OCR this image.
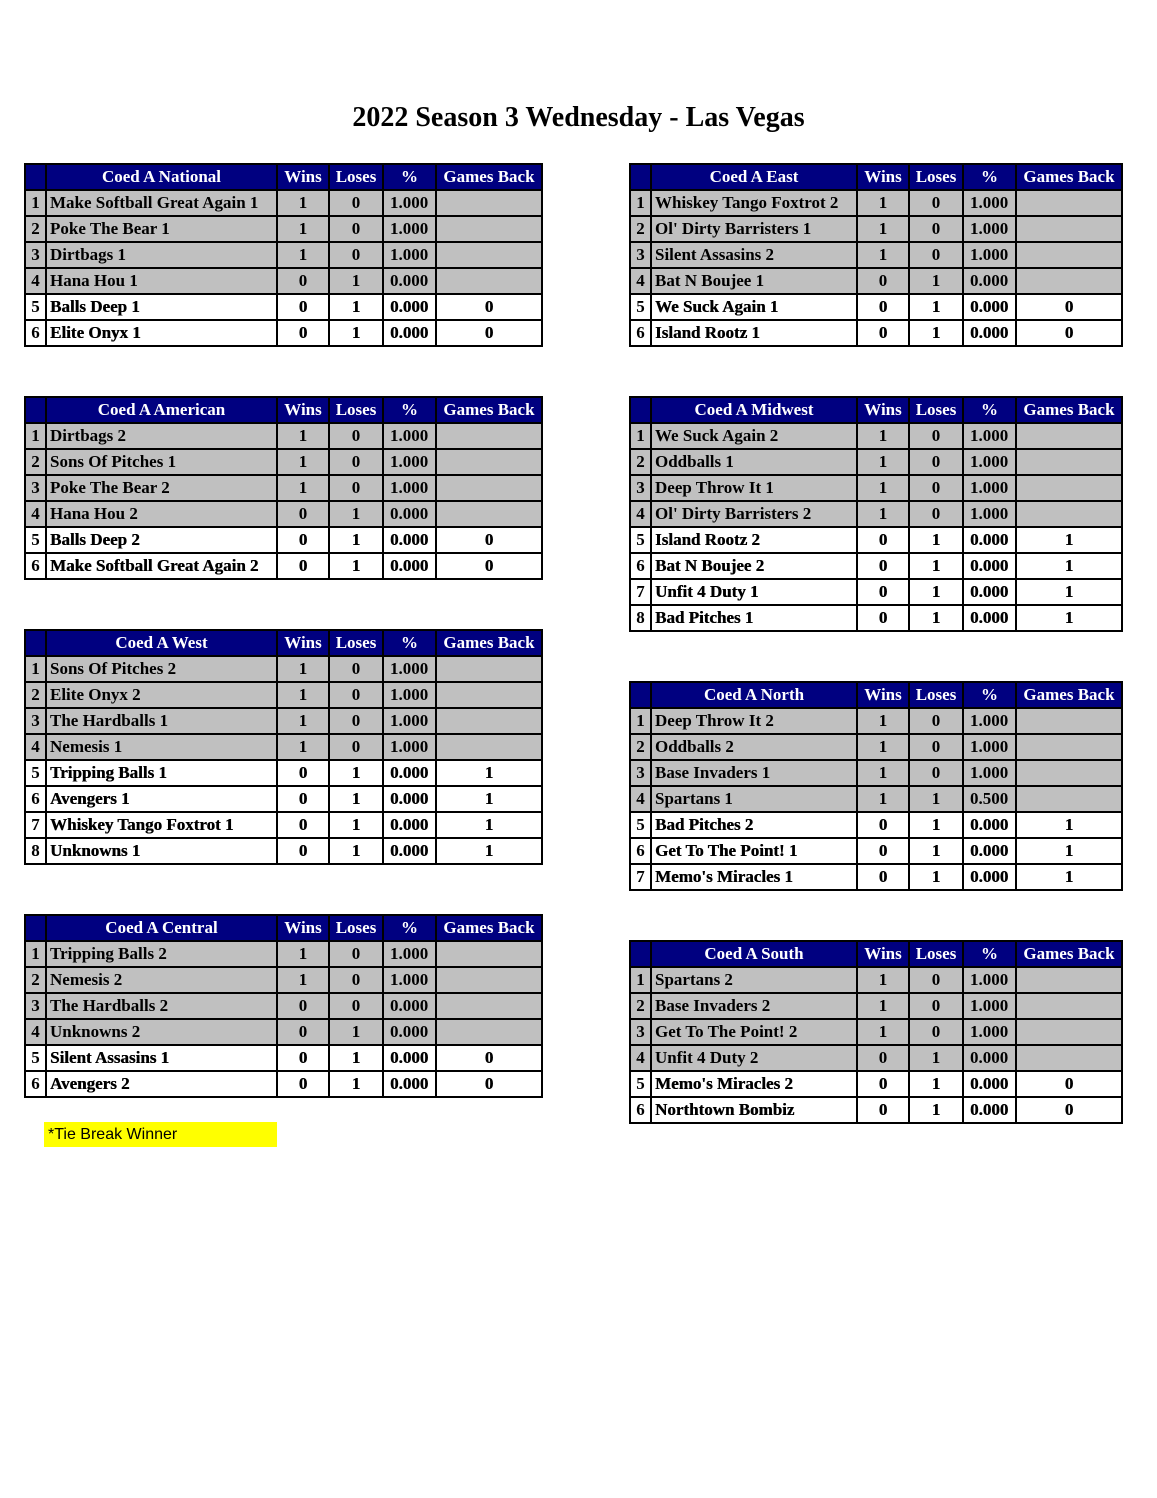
2022 Season 3 Wednesday - Las Vegas
	Coed A National	Wins	Loses	%	Games Back
1	Make Softball Great Again 1	1	0	1.000	
2	Poke The Bear 1	1	0	1.000	
3	Dirtbags 1	1	0	1.000	
4	Hana Hou 1	0	1	0.000	
5	Balls Deep 1	0	1	0.000	0
6	Elite Onyx 1	0	1	0.000	0
	Coed A East	Wins	Loses	%	Games Back
1	Whiskey Tango Foxtrot 2	1	0	1.000	
2	Ol' Dirty Barristers 1	1	0	1.000	
3	Silent Assasins 2	1	0	1.000	
4	Bat N Boujee 1	0	1	0.000	
5	We Suck Again 1	0	1	0.000	0
6	Island Rootz 1	0	1	0.000	0
	Coed A American	Wins	Loses	%	Games Back
1	Dirtbags 2	1	0	1.000	
2	Sons Of Pitches 1	1	0	1.000	
3	Poke The Bear 2	1	0	1.000	
4	Hana Hou 2	0	1	0.000	
5	Balls Deep 2	0	1	0.000	0
6	Make Softball Great Again 2	0	1	0.000	0
	Coed A Midwest	Wins	Loses	%	Games Back
1	We Suck Again 2	1	0	1.000	
2	Oddballs 1	1	0	1.000	
3	Deep Throw It 1	1	0	1.000	
4	Ol' Dirty Barristers 2	1	0	1.000	
5	Island Rootz 2	0	1	0.000	1
6	Bat N Boujee 2	0	1	0.000	1
7	Unfit 4 Duty 1	0	1	0.000	1
8	Bad Pitches 1	0	1	0.000	1
	Coed A West	Wins	Loses	%	Games Back
1	Sons Of Pitches 2	1	0	1.000	
2	Elite Onyx 2	1	0	1.000	
3	The Hardballs 1	1	0	1.000	
4	Nemesis 1	1	0	1.000	
5	Tripping Balls 1	0	1	0.000	1
6	Avengers 1	0	1	0.000	1
7	Whiskey Tango Foxtrot 1	0	1	0.000	1
8	Unknowns 1	0	1	0.000	1
	Coed A North	Wins	Loses	%	Games Back
1	Deep Throw It 2	1	0	1.000	
2	Oddballs 2	1	0	1.000	
3	Base Invaders 1	1	0	1.000	
4	Spartans 1	1	1	0.500	
5	Bad Pitches 2	0	1	0.000	1
6	Get To The Point! 1	0	1	0.000	1
7	Memo's Miracles 1	0	1	0.000	1
	Coed A Central	Wins	Loses	%	Games Back
1	Tripping Balls 2	1	0	1.000	
2	Nemesis 2	1	0	1.000	
3	The Hardballs 2	0	0	0.000	
4	Unknowns 2	0	1	0.000	
5	Silent Assasins 1	0	1	0.000	0
6	Avengers 2	0	1	0.000	0
	Coed A South	Wins	Loses	%	Games Back
1	Spartans 2	1	0	1.000	
2	Base Invaders 2	1	0	1.000	
3	Get To The Point! 2	1	0	1.000	
4	Unfit 4 Duty 2	0	1	0.000	
5	Memo's Miracles 2	0	1	0.000	0
6	Northtown Bombiz	0	1	0.000	0
*Tie Break Winner
